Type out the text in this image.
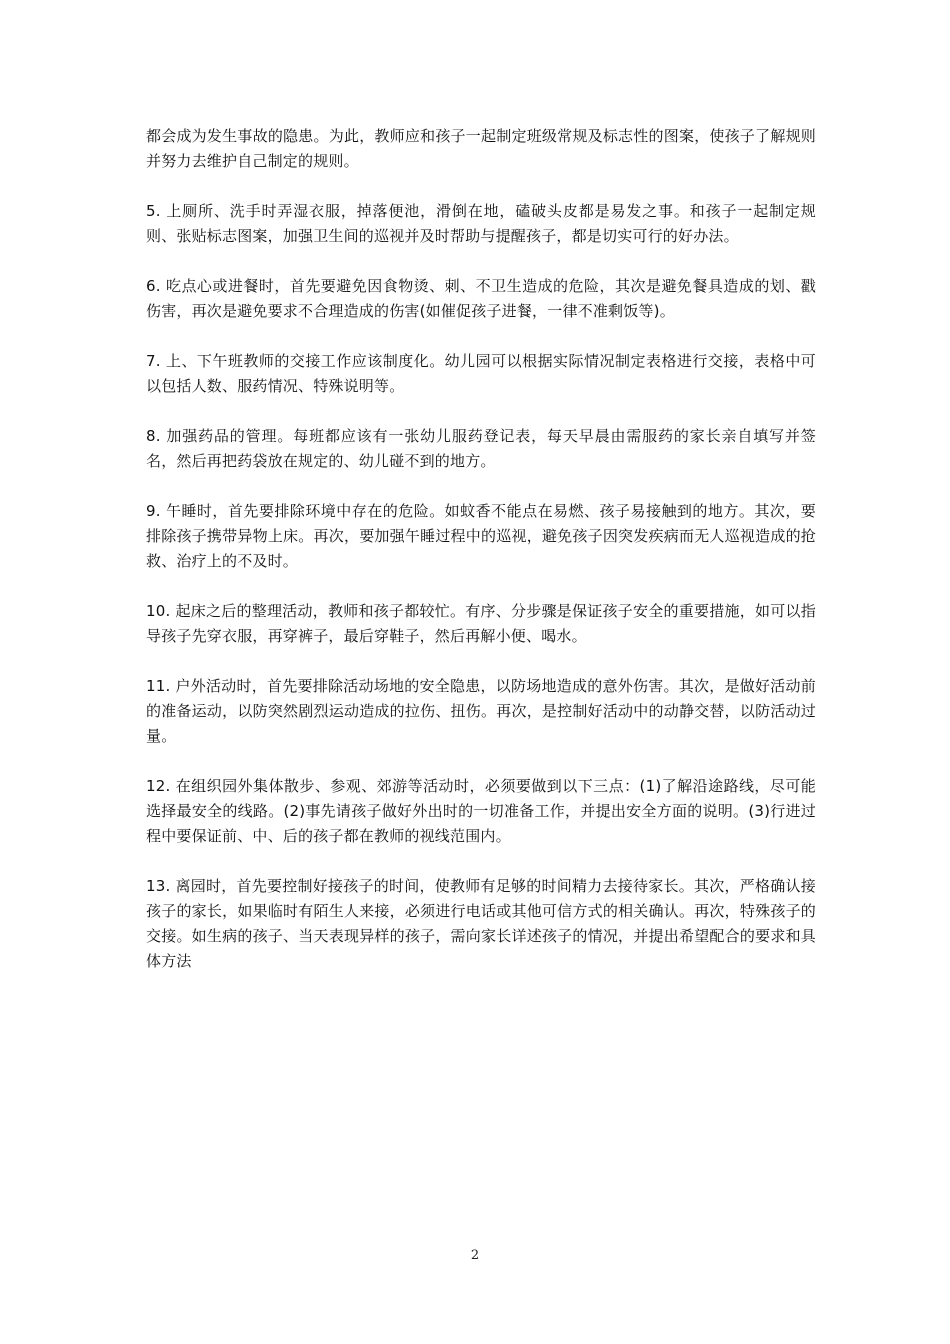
都会成为发生事故的隐患。为此，教师应和孩子一起制定班级常规及标志性的图案，使孩子了解规则并努力去维护自己制定的规则。

5. 上厕所、洗手时弄湿衣服，掉落便池，滑倒在地，磕破头皮都是易发之事。和孩子一起制定规则、张贴标志图案，加强卫生间的巡视并及时帮助与提醒孩子，都是切实可行的好办法。

6. 吃点心或进餐时，首先要避免因食物烫、刺、不卫生造成的危险，其次是避免餐具造成的划、戳伤害，再次是避免要求不合理造成的伤害(如催促孩子进餐，一律不准剩饭等)。

7. 上、下午班教师的交接工作应该制度化。幼儿园可以根据实际情况制定表格进行交接，表格中可以包括人数、服药情况、特殊说明等。

8. 加强药品的管理。每班都应该有一张幼儿服药登记表，每天早晨由需服药的家长亲自填写并签名，然后再把药袋放在规定的、幼儿碰不到的地方。

9. 午睡时，首先要排除环境中存在的危险。如蚊香不能点在易燃、孩子易接触到的地方。其次，要排除孩子携带异物上床。再次，要加强午睡过程中的巡视，避免孩子因突发疾病而无人巡视造成的抢救、治疗上的不及时。

10. 起床之后的整理活动，教师和孩子都较忙。有序、分步骤是保证孩子安全的重要措施，如可以指导孩子先穿衣服，再穿裤子，最后穿鞋子，然后再解小便、喝水。

11. 户外活动时，首先要排除活动场地的安全隐患，以防场地造成的意外伤害。其次，是做好活动前的准备运动，以防突然剧烈运动造成的拉伤、扭伤。再次，是控制好活动中的动静交替，以防活动过量。

12. 在组织园外集体散步、参观、郊游等活动时，必须要做到以下三点：(1)了解沿途路线，尽可能选择最安全的线路。(2)事先请孩子做好外出时的一切准备工作，并提出安全方面的说明。(3)行进过程中要保证前、中、后的孩子都在教师的视线范围内。

13. 离园时，首先要控制好接孩子的时间，使教师有足够的时间精力去接待家长。其次，严格确认接孩子的家长，如果临时有陌生人来接，必须进行电话或其他可信方式的相关确认。再次，特殊孩子的交接。如生病的孩子、当天表现异样的孩子，需向家长详述孩子的情况，并提出希望配合的要求和具体方法

2
